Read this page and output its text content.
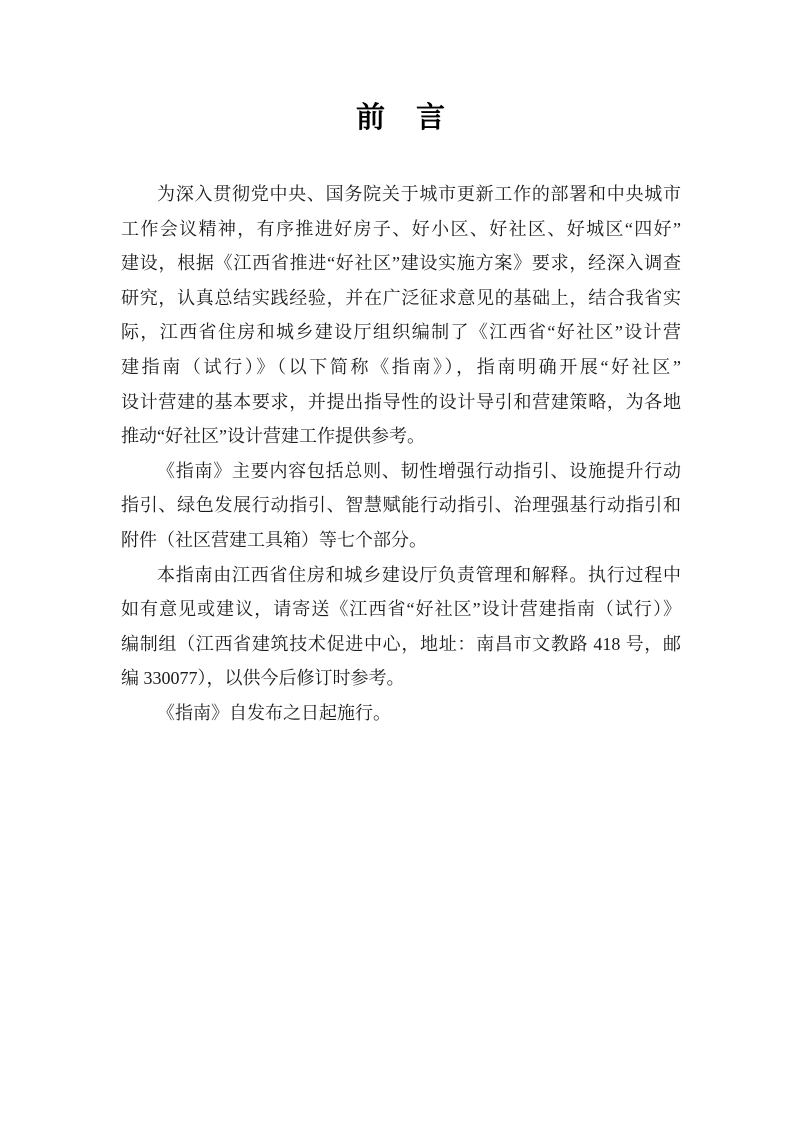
前　言
为深入贯彻党中央、国务院关于城市更新工作的部署和中央城市
工作会议精神，有序推进好房子、好小区、好社区、好城区“四好”
建设，根据《江西省推进“好社区”建设实施方案》要求，经深入调查
研究，认真总结实践经验，并在广泛征求意见的基础上，结合我省实
际，江西省住房和城乡建设厅组织编制了《江西省“好社区”设计营
建指南（试行）》（以下简称《指南》），指南明确开展“好社区”
设计营建的基本要求，并提出指导性的设计导引和营建策略，为各地
推动“好社区”设计营建工作提供参考。
《指南》主要内容包括总则、韧性增强行动指引、设施提升行动
指引、绿色发展行动指引、智慧赋能行动指引、治理强基行动指引和
附件（社区营建工具箱）等七个部分。
本指南由江西省住房和城乡建设厅负责管理和解释。执行过程中
如有意见或建议，请寄送《江西省“好社区”设计营建指南（试行）》
编制组（江西省建筑技术促进中心，地址：南昌市文教路 418 号，邮
编 330077），以供今后修订时参考。
《指南》自发布之日起施行。
